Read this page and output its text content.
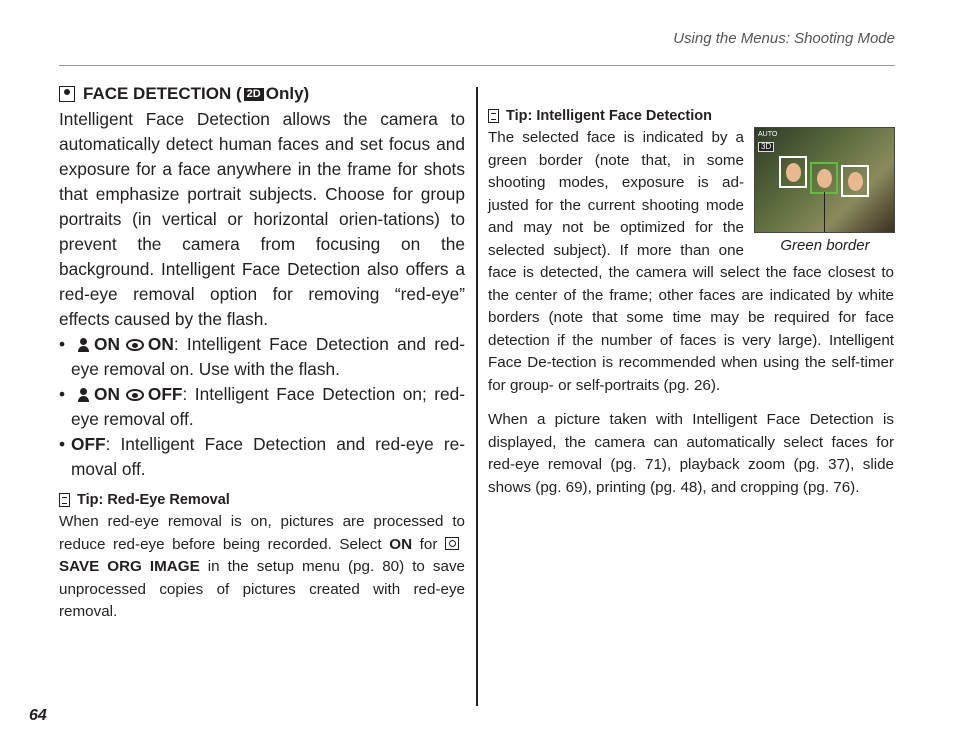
Using the Menus: Shooting Mode
64
FACE DETECTION ( 2D Only)

Intelligent Face Detection allows the camera to automatically detect human faces and set focus and exposure for a face anywhere in the frame for shots that emphasize portrait subjects. Choose for group portraits (in vertical or horizontal orien-tations) to prevent the camera from focusing on the background. Intelligent Face Detection also offers a red-eye removal option for removing “red-eye” effects caused by the flash.

• ON ON: Intelligent Face Detection and red-eye removal on. Use with the flash.
• ON OFF: Intelligent Face Detection on; red-eye removal off.
• OFF: Intelligent Face Detection and red-eye re-moval off.
Tip: Red-Eye Removal

When red-eye removal is on, pictures are processed to reduce red-eye before being recorded. Select ON for SAVE ORG IMAGE in the setup menu (pg. 80) to save unprocessed copies of pictures created with red-eye removal.

Tip: Intelligent Face Detection
AUTO
3D
Green border

The selected face is indicated by a green border (note that, in some shooting modes, exposure is ad-justed for the current shooting mode and may not be optimized for the selected subject). If more than one face is detected, the camera will select the face closest to the center of the frame; other faces are indicated by white borders (note that some time may be required for face detection if the number of faces is very large). Intelligent Face De-tection is recommended when using the self-timer for group- or self-portraits (pg. 26).

When a picture taken with Intelligent Face Detection is displayed, the camera can automatically select faces for red-eye removal (pg. 71), playback zoom (pg. 37), slide shows (pg. 69), printing (pg. 48), and cropping (pg. 76).
